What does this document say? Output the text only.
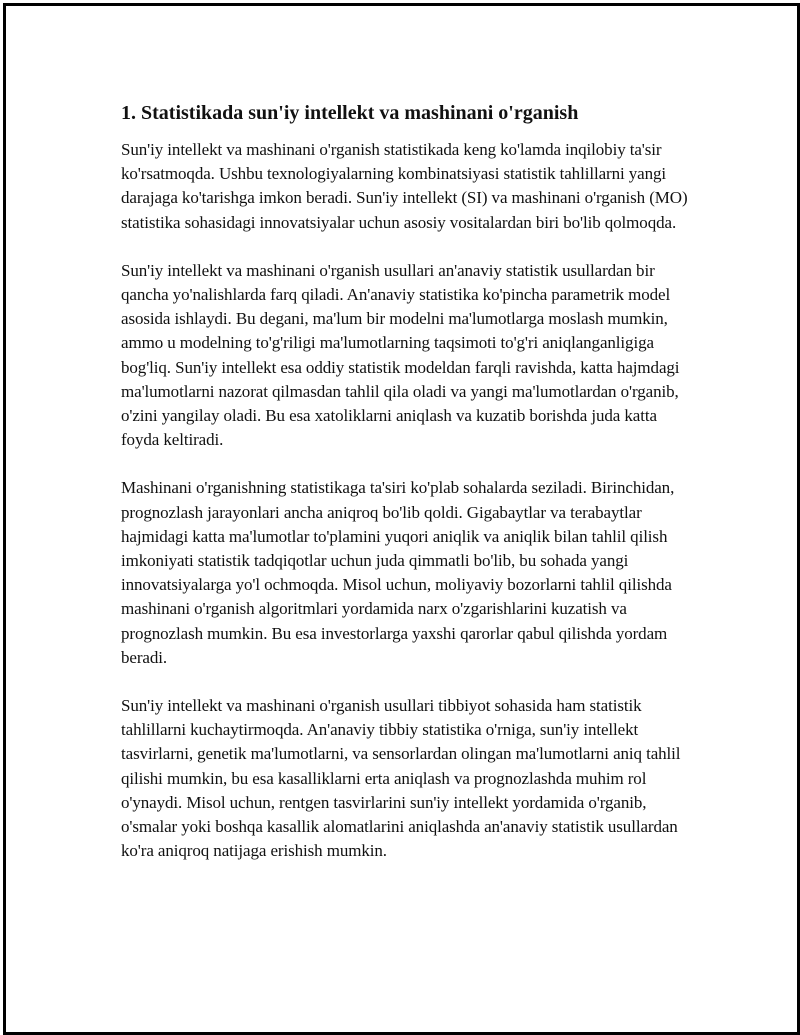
1. Statistikada sun'iy intellekt va mashinani o'rganish

Sun'iy intellekt va mashinani o'rganish statistikada keng ko'lamda inqilobiy ta'sir ko'rsatmoqda. Ushbu texnologiyalarning kombinatsiyasi statistik tahlillarni yangi darajaga ko'tarishga imkon beradi. Sun'iy intellekt (SI) va mashinani o'rganish (MO) statistika sohasidagi innovatsiyalar uchun asosiy vositalardan biri bo'lib qolmoqda.

Sun'iy intellekt va mashinani o'rganish usullari an'anaviy statistik usullardan bir qancha yo'nalishlarda farq qiladi. An'anaviy statistika ko'pincha parametrik model asosida ishlaydi. Bu degani, ma'lum bir modelni ma'lumotlarga moslash mumkin, ammo u modelning to'g'riligi ma'lumotlarning taqsimoti to'g'ri aniqlanganligiga bog'liq. Sun'iy intellekt esa oddiy statistik modeldan farqli ravishda, katta hajmdagi ma'lumotlarni nazorat qilmasdan tahlil qila oladi va yangi ma'lumotlardan o'rganib, o'zini yangilay oladi. Bu esa xatoliklarni aniqlash va kuzatib borishda juda katta foyda keltiradi.

Mashinani o'rganishning statistikaga ta'siri ko'plab sohalarda seziladi. Birinchidan, prognozlash jarayonlari ancha aniqroq bo'lib qoldi. Gigabaytlar va terabaytlar hajmidagi katta ma'lumotlar to'plamini yuqori aniqlik va aniqlik bilan tahlil qilish imkoniyati statistik tadqiqotlar uchun juda qimmatli bo'lib, bu sohada yangi innovatsiyalarga yo'l ochmoqda. Misol uchun, moliyaviy bozorlarni tahlil qilishda mashinani o'rganish algoritmlari yordamida narx o'zgarishlarini kuzatish va prognozlash mumkin. Bu esa investorlarga yaxshi qarorlar qabul qilishda yordam beradi.

Sun'iy intellekt va mashinani o'rganish usullari tibbiyot sohasida ham statistik tahlillarni kuchaytirmoqda. An'anaviy tibbiy statistika o'rniga, sun'iy intellekt tasvirlarni, genetik ma'lumotlarni, va sensorlardan olingan ma'lumotlarni aniq tahlil qilishi mumkin, bu esa kasalliklarni erta aniqlash va prognozlashda muhim rol o'ynaydi. Misol uchun, rentgen tasvirlarini sun'iy intellekt yordamida o'rganib, o'smalar yoki boshqa kasallik alomatlarini aniqlashda an'anaviy statistik usullardan ko'ra aniqroq natijaga erishish mumkin.
